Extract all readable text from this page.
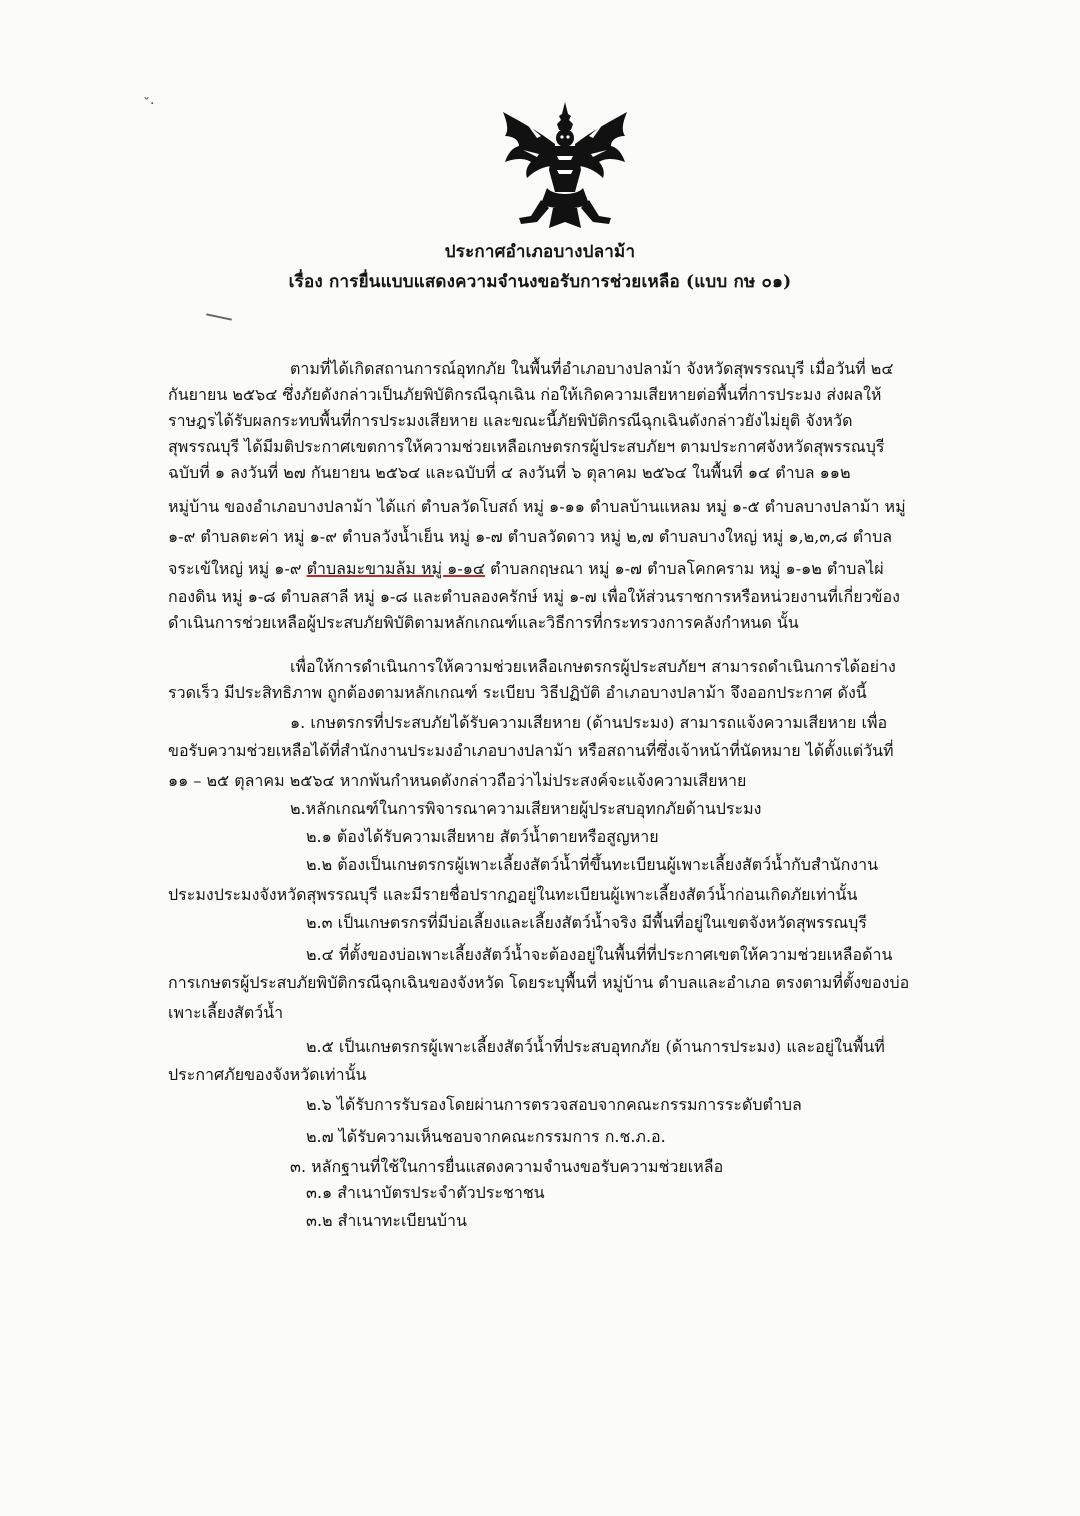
ˇ·
ประกาศอำเภอบางปลาม้า
เรื่อง การยื่นแบบแสดงความจำนงขอรับการช่วยเหลือ (แบบ กษ ๐๑)
ตามที่ได้เกิดสถานการณ์อุทกภัย ในพื้นที่อำเภอบางปลาม้า จังหวัดสุพรรณบุรี เมื่อวันที่ ๒๔
กันยายน ๒๕๖๔ ซึ่งภัยดังกล่าวเป็นภัยพิบัติกรณีฉุกเฉิน ก่อให้เกิดความเสียหายต่อพื้นที่การประมง ส่งผลให้
ราษฎรได้รับผลกระทบพื้นที่การประมงเสียหาย และขณะนี้ภัยพิบัติกรณีฉุกเฉินดังกล่าวยังไม่ยุติ จังหวัด
สุพรรณบุรี ได้มีมติประกาศเขตการให้ความช่วยเหลือเกษตรกรผู้ประสบภัยฯ ตามประกาศจังหวัดสุพรรณบุรี
ฉบับที่ ๑ ลงวันที่ ๒๗ กันยายน ๒๕๖๔ และฉบับที่ ๔ ลงวันที่ ๖ ตุลาคม ๒๕๖๔ ในพื้นที่ ๑๔ ตำบล ๑๑๒
หมู่บ้าน ของอำเภอบางปลาม้า ได้แก่ ตำบลวัดโบสถ์ หมู่ ๑-๑๑ ตำบลบ้านแหลม หมู่ ๑-๕ ตำบลบางปลาม้า หมู่
๑-๙ ตำบลตะค่า หมู่ ๑-๙ ตำบลวังน้ำเย็น หมู่ ๑-๗ ตำบลวัดดาว หมู่ ๒,๗ ตำบลบางใหญ่ หมู่ ๑,๒,๓,๘ ตำบล
จระเข้ใหญ่ หมู่ ๑-๙ ตำบลมะขามล้ม หมู่ ๑-๑๔ ตำบลกฤษณา หมู่ ๑-๗ ตำบลโคกคราม หมู่ ๑-๑๒ ตำบลไผ่
กองดิน หมู่ ๑-๘ ตำบลสาลี หมู่ ๑-๘ และตำบลองครักษ์ หมู่ ๑-๗ เพื่อให้ส่วนราชการหรือหน่วยงานที่เกี่ยวข้อง
ดำเนินการช่วยเหลือผู้ประสบภัยพิบัติตามหลักเกณฑ์และวิธีการที่กระทรวงการคลังกำหนด นั้น
เพื่อให้การดำเนินการให้ความช่วยเหลือเกษตรกรผู้ประสบภัยฯ สามารถดำเนินการได้อย่าง
รวดเร็ว มีประสิทธิภาพ ถูกต้องตามหลักเกณฑ์ ระเบียบ วิธีปฏิบัติ อำเภอบางปลาม้า จึงออกประกาศ ดังนี้
๑. เกษตรกรที่ประสบภัยได้รับความเสียหาย (ด้านประมง) สามารถแจ้งความเสียหาย เพื่อ
ขอรับความช่วยเหลือได้ที่สำนักงานประมงอำเภอบางปลาม้า หรือสถานที่ซึ่งเจ้าหน้าที่นัดหมาย ได้ตั้งแต่วันที่
๑๑ – ๒๕ ตุลาคม ๒๕๖๔ หากพ้นกำหนดดังกล่าวถือว่าไม่ประสงค์จะแจ้งความเสียหาย
๒.หลักเกณฑ์ในการพิจารณาความเสียหายผู้ประสบอุทกภัยด้านประมง
๒.๑ ต้องได้รับความเสียหาย สัตว์น้ำตายหรือสูญหาย
๒.๒ ต้องเป็นเกษตรกรผู้เพาะเลี้ยงสัตว์น้ำที่ขึ้นทะเบียนผู้เพาะเลี้ยงสัตว์น้ำกับสำนักงาน
ประมงประมงจังหวัดสุพรรณบุรี และมีรายชื่อปรากฏอยู่ในทะเบียนผู้เพาะเลี้ยงสัตว์น้ำก่อนเกิดภัยเท่านั้น
๒.๓ เป็นเกษตรกรที่มีบ่อเลี้ยงและเลี้ยงสัตว์น้ำจริง มีพื้นที่อยู่ในเขตจังหวัดสุพรรณบุรี
๒.๔ ที่ตั้งของบ่อเพาะเลี้ยงสัตว์น้ำจะต้องอยู่ในพื้นที่ที่ประกาศเขตให้ความช่วยเหลือด้าน
การเกษตรผู้ประสบภัยพิบัติกรณีฉุกเฉินของจังหวัด โดยระบุพื้นที่ หมู่บ้าน ตำบลและอำเภอ ตรงตามที่ตั้งของบ่อ
เพาะเลี้ยงสัตว์น้ำ
๒.๕ เป็นเกษตรกรผู้เพาะเลี้ยงสัตว์น้ำที่ประสบอุทกภัย (ด้านการประมง) และอยู่ในพื้นที่
ประกาศภัยของจังหวัดเท่านั้น
๒.๖ ได้รับการรับรองโดยผ่านการตรวจสอบจากคณะกรรมการระดับตำบล
๒.๗ ได้รับความเห็นชอบจากคณะกรรมการ ก.ช.ภ.อ.
๓. หลักฐานที่ใช้ในการยื่นแสดงความจำนงขอรับความช่วยเหลือ
๓.๑ สำเนาบัตรประจำตัวประชาชน
๓.๒ สำเนาทะเบียนบ้าน
